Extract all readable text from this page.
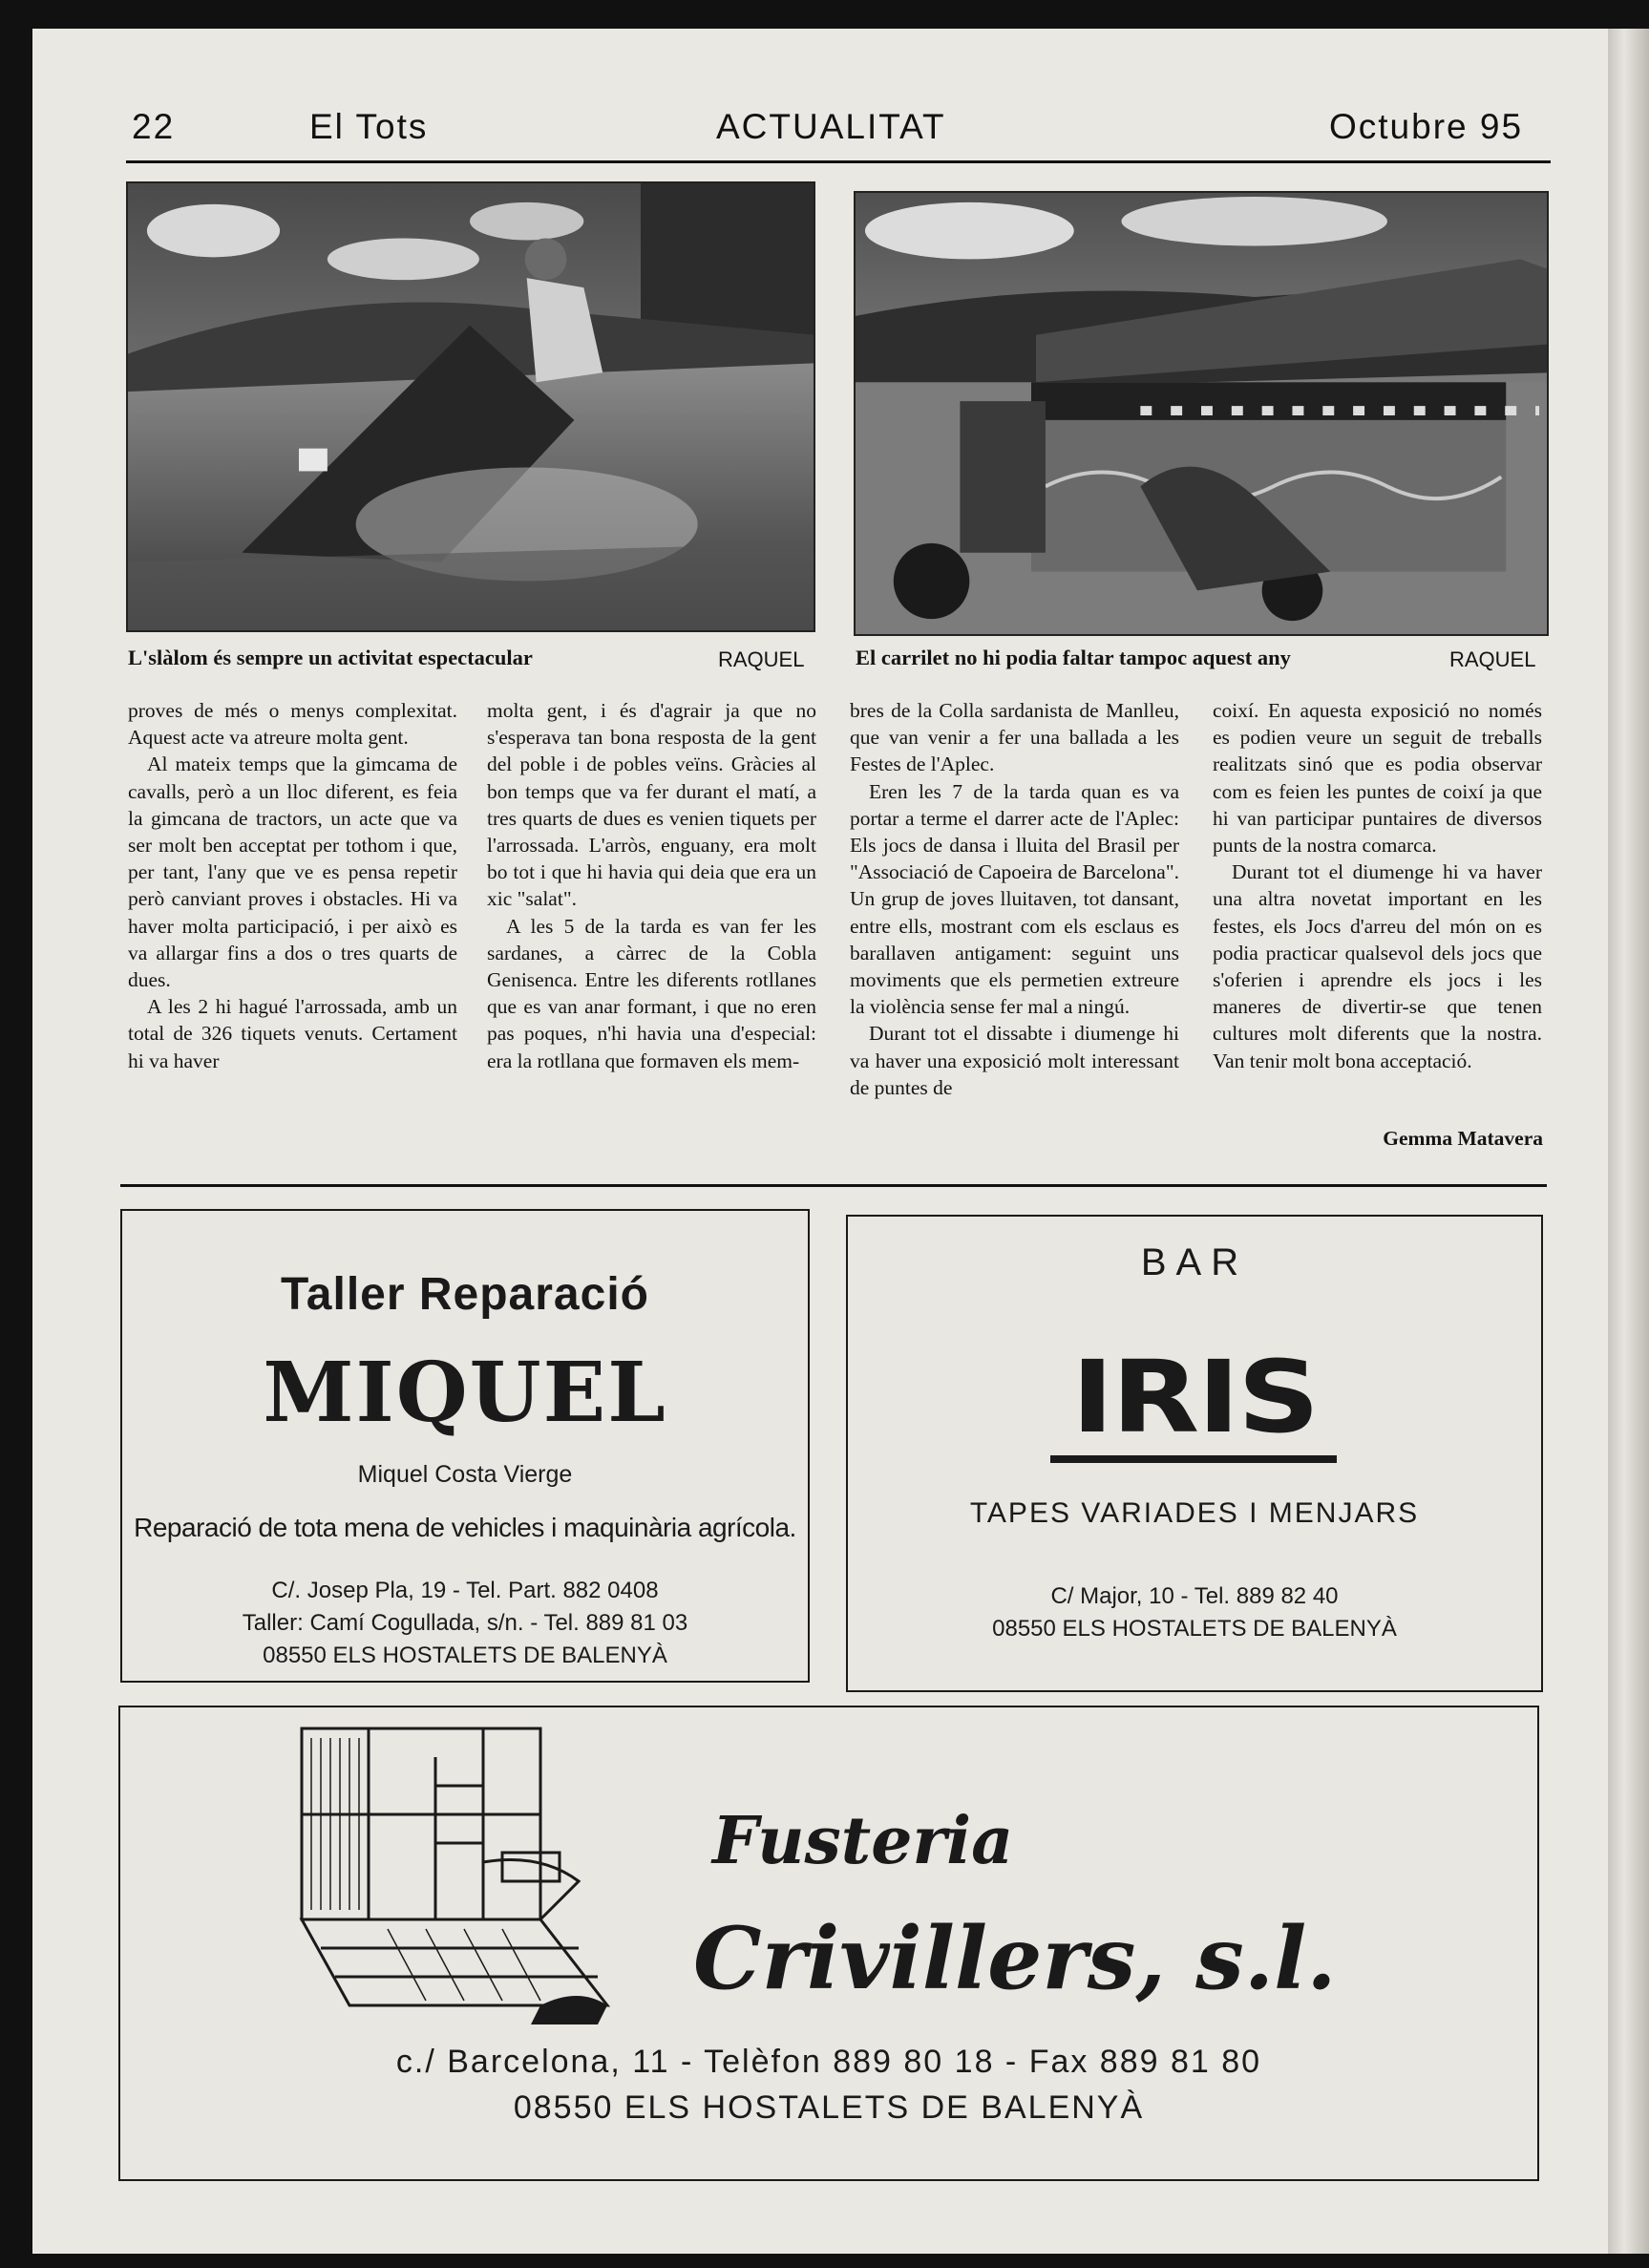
22	El Tots	ACTUALITAT	Octubre 95
L'slàlom és sempre un activitat espectacular	RAQUEL El carrilet no hi podia faltar tampoc aquest any	RAQUEL

proves de més o menys complexitat. Aquest acte va atreure molta gent.

Al mateix temps que la gimcama de cavalls, però a un lloc diferent, es feia la gimcana de tractors, un acte que va ser molt ben acceptat per tothom i que, per tant, l'any que ve es pensa repetir però canviant proves i obstacles. Hi va haver molta participació, i per això es va allargar fins a dos o tres quarts de dues.

A les 2 hi hagué l'arrossada, amb un total de 326 tiquets venuts. Certament hi va haver

molta gent, i és d'agrair ja que no s'esperava tan bona resposta de la gent del poble i de pobles veïns. Gràcies al bon temps que va fer durant el matí, a tres quarts de dues es venien tiquets per l'arrossada. L'arròs, enguany, era molt bo tot i que hi havia qui deia que era un xic "salat".

A les 5 de la tarda es van fer les sardanes, a càrrec de la Cobla Genisenca. Entre les diferents rotllanes que es van anar formant, i que no eren pas poques, n'hi havia una d'especial: era la rotllana que formaven els mem-

bres de la Colla sardanista de Manlleu, que van venir a fer una ballada a les Festes de l'Aplec.

Eren les 7 de la tarda quan es va portar a terme el darrer acte de l'Aplec: Els jocs de dansa i lluita del Brasil per "Associació de Capoeira de Barcelona". Un grup de joves lluitaven, tot dansant, entre ells, mostrant com els esclaus es barallaven antigament: seguint uns moviments que els permetien extreure la violència sense fer mal a ningú.

Durant tot el dissabte i diumenge hi va haver una exposició molt interessant de puntes de

coixí. En aquesta exposició no només es podien veure un seguit de treballs realitzats sinó que es podia observar com es feien les puntes de coixí ja que hi van participar puntaires de diversos punts de la nostra comarca.

Durant tot el diumenge hi va haver una altra novetat important en les festes, els Jocs d'arreu del món on es podia practicar qualsevol dels jocs que s'oferien i aprendre els jocs i les maneres de divertir-se que tenen cultures molt diferents que la nostra. Van tenir molt bona acceptació.

Gemma Matavera
Taller Reparació
MIQUEL
Miquel Costa Vierge
Reparació de tota mena de vehicles i maquinària agrícola.
C/. Josep Pla, 19 - Tel. Part. 882 0408
Taller: Camí Cogullada, s/n. - Tel. 889 81 03
08550 ELS HOSTALETS DE BALENYÀ
BAR
IRIS
TAPES VARIADES I MENJARS
C/ Major, 10 - Tel. 889 82 40
08550 ELS HOSTALETS DE BALENYÀ
Fusteria
Crivillers, s.l.
c./ Barcelona, 11 - Telèfon 889 80 18 - Fax 889 81 80
08550 ELS HOSTALETS DE BALENYÀ
